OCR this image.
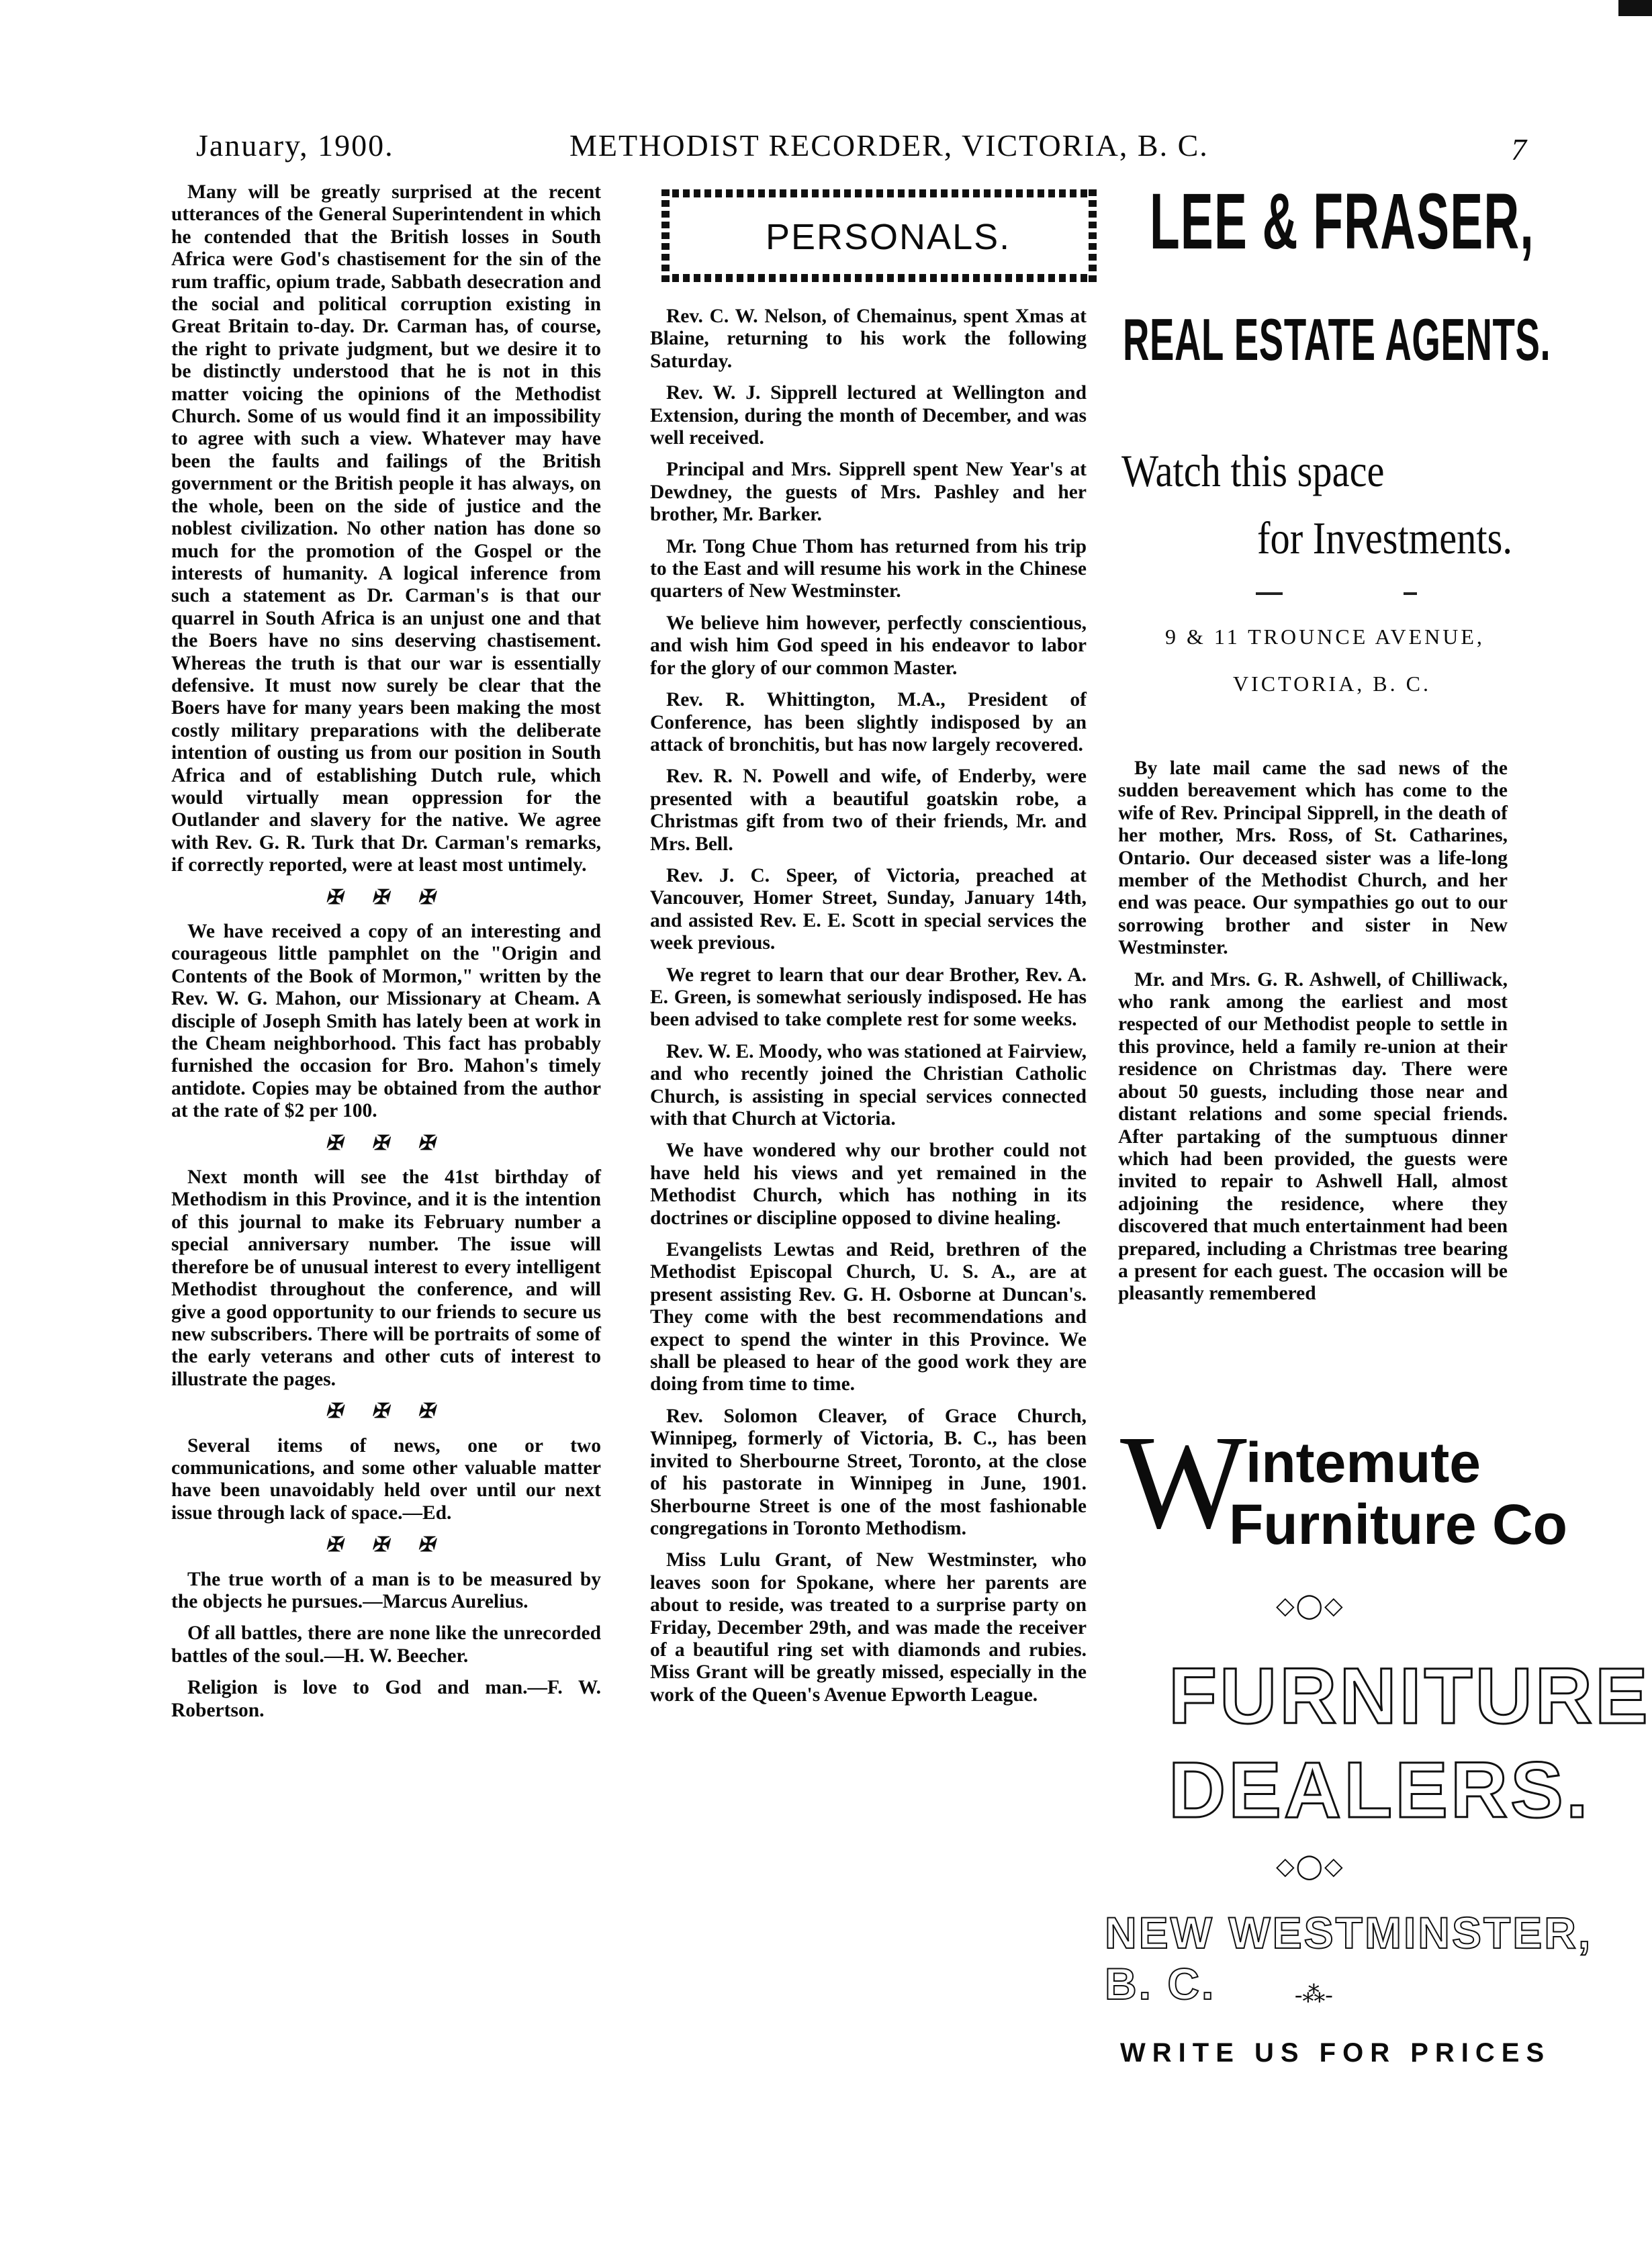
January, 1900.	METHODIST RECORDER, VICTORIA, B. C.	7

Many will be greatly surprised at the recent utterances of the General Superintendent in which he contended that the British losses in South Africa were God's chastisement for the sin of the rum traffic, opium trade, Sabbath desecration and the social and political corruption existing in Great Britain to-day. Dr. Carman has, of course, the right to private judgment, but we desire it to be distinctly understood that he is not in this matter voicing the opinions of the Methodist Church. Some of us would find it an impossibility to agree with such a view. Whatever may have been the faults and failings of the British government or the British people it has always, on the whole, been on the side of justice and the noblest civilization. No other nation has done so much for the promotion of the Gospel or the interests of humanity. A logical inference from such a statement as Dr. Carman's is that our quarrel in South Africa is an unjust one and that the Boers have no sins deserving chastisement. Whereas the truth is that our war is essentially defensive. It must now surely be clear that the Boers have for many years been making the most costly military preparations with the deliberate intention of ousting us from our position in South Africa and of establishing Dutch rule, which would virtually mean oppression for the Outlander and slavery for the native. We agree with Rev. G. R. Turk that Dr. Carman's remarks, if correctly reported, were at least most untimely.

✠ ✠ ✠

We have received a copy of an interesting and courageous little pamphlet on the "Origin and Contents of the Book of Mormon," written by the Rev. W. G. Mahon, our Missionary at Cheam. A disciple of Joseph Smith has lately been at work in the Cheam neighborhood. This fact has probably furnished the occasion for Bro. Mahon's timely antidote. Copies may be obtained from the author at the rate of $2 per 100.

✠ ✠ ✠

Next month will see the 41st birthday of Methodism in this Province, and it is the intention of this journal to make its February number a special anniversary number. The issue will therefore be of unusual interest to every intelligent Methodist throughout the conference, and will give a good opportunity to our friends to secure us new subscribers. There will be portraits of some of the early veterans and other cuts of interest to illustrate the pages.

✠ ✠ ✠

Several items of news, one or two communications, and some other valuable matter have been unavoidably held over until our next issue through lack of space.—Ed.

✠ ✠ ✠

The true worth of a man is to be measured by the objects he pursues.—Marcus Aurelius.

Of all battles, there are none like the unrecorded battles of the soul.—H. W. Beecher.

Religion is love to God and man.—F. W. Robertson.

PERSONALS.

Rev. C. W. Nelson, of Chemainus, spent Xmas at Blaine, returning to his work the following Saturday.

Rev. W. J. Sipprell lectured at Wellington and Extension, during the month of December, and was well received.

Principal and Mrs. Sipprell spent New Year's at Dewdney, the guests of Mrs. Pashley and her brother, Mr. Barker.

Mr. Tong Chue Thom has returned from his trip to the East and will resume his work in the Chinese quarters of New Westminster.

We believe him however, perfectly conscientious, and wish him God speed in his endeavor to labor for the glory of our common Master.

Rev. R. Whittington, M.A., President of Conference, has been slightly indisposed by an attack of bronchitis, but has now largely recovered.

Rev. R. N. Powell and wife, of Enderby, were presented with a beautiful goatskin robe, a Christmas gift from two of their friends, Mr. and Mrs. Bell.

Rev. J. C. Speer, of Victoria, preached at Vancouver, Homer Street, Sunday, January 14th, and assisted Rev. E. E. Scott in special services the week previous.

We regret to learn that our dear Brother, Rev. A. E. Green, is somewhat seriously indisposed. He has been advised to take complete rest for some weeks.

Rev. W. E. Moody, who was stationed at Fairview, and who recently joined the Christian Catholic Church, is assisting in special services connected with that Church at Victoria.

We have wondered why our brother could not have held his views and yet remained in the Methodist Church, which has nothing in its doctrines or discipline opposed to divine healing.

Evangelists Lewtas and Reid, brethren of the Methodist Episcopal Church, U. S. A., are at present assisting Rev. G. H. Osborne at Duncan's. They come with the best recommendations and expect to spend the winter in this Province. We shall be pleased to hear of the good work they are doing from time to time.

Rev. Solomon Cleaver, of Grace Church, Winnipeg, formerly of Victoria, B. C., has been invited to Sherbourne Street, Toronto, at the close of his pastorate in Winnipeg in June, 1901. Sherbourne Street is one of the most fashionable congregations in Toronto Methodism.

Miss Lulu Grant, of New Westminster, who leaves soon for Spokane, where her parents are about to reside, was treated to a surprise party on Friday, December 29th, and was made the receiver of a beautiful ring set with diamonds and rubies. Miss Grant will be greatly missed, especially in the work of the Queen's Avenue Epworth League.

LEE & FRASER,
REAL ESTATE AGENTS.
Watch this space
for Investments.
9 & 11 TROUNCE AVENUE,
VICTORIA, B. C.

By late mail came the sad news of the sudden bereavement which has come to the wife of Rev. Principal Sipprell, in the death of her mother, Mrs. Ross, of St. Catharines, Ontario. Our deceased sister was a life-long member of the Methodist Church, and her end was peace. Our sympathies go out to our sorrowing brother and sister in New Westminster.

Mr. and Mrs. G. R. Ashwell, of Chilliwack, who rank among the earliest and most respected of our Methodist people to settle in this province, held a family re-union at their residence on Christmas day. There were about 50 guests, including those near and distant relations and some special friends. After partaking of the sumptuous dinner which had been provided, the guests were invited to repair to Ashwell Hall, almost adjoining the residence, where they discovered that much entertainment had been prepared, including a Christmas tree bearing a present for each guest. The occasion will be pleasantly remembered

W
intemute
Furniture Co
◇◯◇
FURNITURE
DEALERS.
◇◯◇
NEW WESTMINSTER, B. C.	-⁂-
WRITE US FOR PRICES
